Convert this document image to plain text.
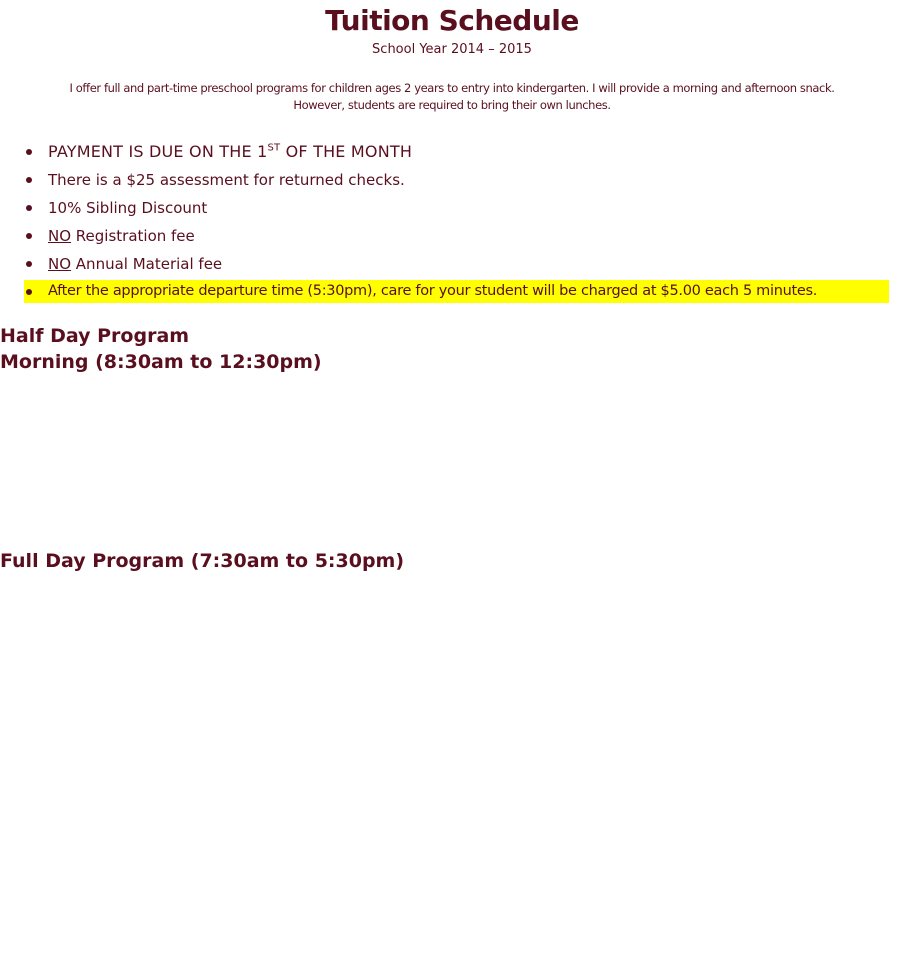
Tuition Schedule
School Year 2014 – 2015

I offer full and part-time preschool programs for children ages 2 years to entry into kindergarten. I will provide a morning and afternoon snack.

However, students are required to bring their own lunches.

PAYMENT IS DUE ON THE 1ST OF THE MONTH
There is a $25 assessment for returned checks.
10% Sibling Discount
NO Registration fee
NO Annual Material fee
After the appropriate departure time (5:30pm), care for your student will be charged at $5.00 each 5 minutes.
Half Day Program
Morning (8:30am to 12:30pm)
Full Day Program (7:30am to 5:30pm)
